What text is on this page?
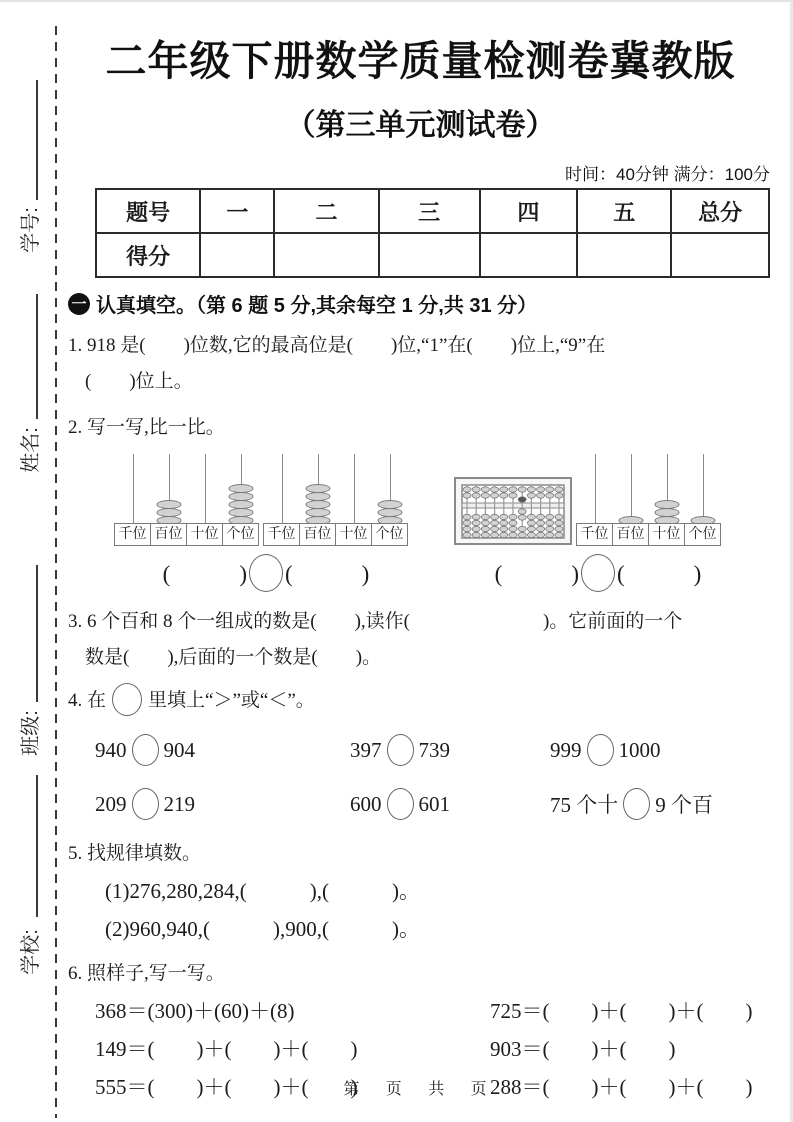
学号:
姓名:
班级:
学校:
二年级下册数学质量检测卷冀教版
（第三单元测试卷）
时间：40分钟 满分：100分
题号	一	二	三	四	五	总分
得分						
一 认真填空。（第 6 题 5 分,其余每空 1 分,共 31 分）
1. 918 是(　　)位数,它的最高位是(　　)位,“1”在(　　)位上,“9”在
(　　)位上。
2. 写一写,比一比。
千位 百位 十位 个位 千位 百位 十位 个位	千位 百位 十位 个位
(　　　) (　　　)	(　　　) (　　　)
3. 6 个百和 8 个一组成的数是(　　),读作(　　　　　　　)。它前面的一个
数是(　　),后面的一个数是(　　)。
4. 在 里填上“＞”或“＜”。
940 904	397 739	999 1000
209 219	600 601	75 个十 9 个百
5. 找规律填数。
(1)276,280,284,(　　　),(　　　)。
(2)960,940,(　　　),900,(　　　)。
6. 照样子,写一写。
368＝(300)＋(60)＋(8)	725＝(　　)＋(　　)＋(　　)
149＝(　　)＋(　　)＋(　　)	903＝(　　)＋(　　)
555＝(　　)＋(　　)＋(　　)	288＝(　　)＋(　　)＋(　　)
第 页 共 页
